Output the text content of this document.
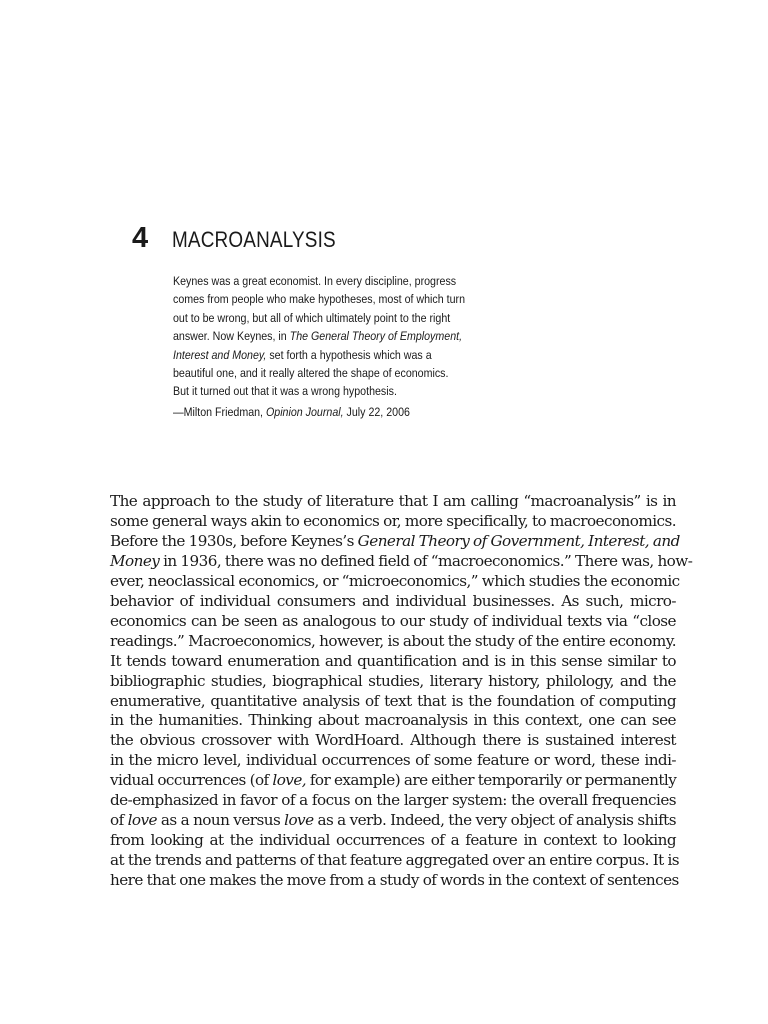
4	MACROANALYSIS
Keynes was a great economist. In every discipline, progress
comes from people who make hypotheses, most of which turn
out to be wrong, but all of which ultimately point to the right
answer. Now Keynes, in The General Theory of Employment,
Interest and Money, set forth a hypothesis which was a
beautiful one, and it really altered the shape of economics.
But it turned out that it was a wrong hypothesis.
—Milton Friedman, Opinion Journal, July 22, 2006
The approach to the study of literature that I am calling “macroanalysis” is in
some general ways akin to economics or, more specifically, to macroeconomics.
Before the 1930s, before Keynes’s General Theory of Government, Interest, and
Money in 1936, there was no defined field of “macroeconomics.” There was, how-
ever, neoclassical economics, or “microeconomics,” which studies the economic
behavior of individual consumers and individual businesses. As such, micro-
economics can be seen as analogous to our study of individual texts via “close
readings.” Macroeconomics, however, is about the study of the entire economy.
It tends toward enumeration and quantification and is in this sense similar to
bibliographic studies, biographical studies, literary history, philology, and the
enumerative, quantitative analysis of text that is the foundation of computing
in the humanities. Thinking about macroanalysis in this context, one can see
the obvious crossover with WordHoard. Although there is sustained interest
in the micro level, individual occurrences of some feature or word, these indi-
vidual occurrences (of love, for example) are either temporarily or permanently
de-emphasized in favor of a focus on the larger system: the overall frequencies
of love as a noun versus love as a verb. Indeed, the very object of analysis shifts
from looking at the individual occurrences of a feature in context to looking
at the trends and patterns of that feature aggregated over an entire corpus. It is
here that one makes the move from a study of words in the context of sentences
